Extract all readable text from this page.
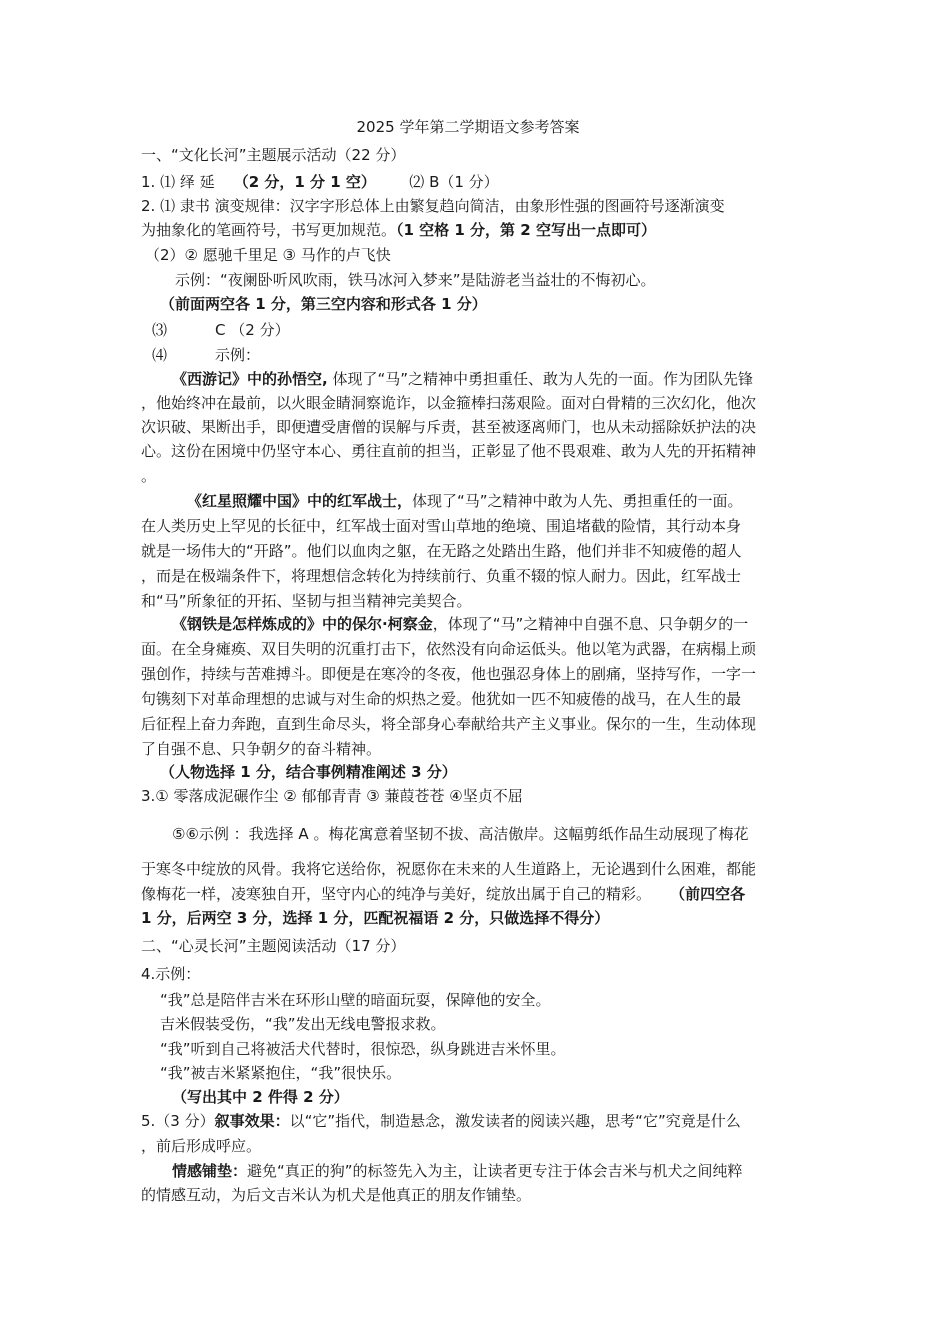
2025 学年第二学期语文参考答案
一、“文化长河”主题展示活动（22 分）
1. ⑴ 绎 延 （2 分，1 分 1 空） ⑵ B（1 分）
2. ⑴ 隶书 演变规律：汉字字形总体上由繁复趋向简洁，由象形性强的图画符号逐渐演变
为抽象化的笔画符号，书写更加规范。（1 空格 1 分，第 2 空写出一点即可）
（2）② 愿驰千里足 ③ 马作的卢飞快
示例：“夜阑卧听风吹雨，铁马冰河入梦来”是陆游老当益壮的不悔初心。
（前面两空各 1 分，第三空内容和形式各 1 分）
⑶	C （2 分）
⑷	示例：
《西游记》中的孙悟空, 体现了“马”之精神中勇担重任、敢为人先的一面。作为团队先锋
，他始终冲在最前，以火眼金睛洞察诡诈，以金箍棒扫荡艰险。面对白骨精的三次幻化，他次
次识破、果断出手，即便遭受唐僧的误解与斥责，甚至被逐离师门，也从未动摇除妖护法的决
心。这份在困境中仍坚守本心、勇往直前的担当，正彰显了他不畏艰难、敢为人先的开拓精神
。
《红星照耀中国》中的红军战士，体现了“马”之精神中敢为人先、勇担重任的一面。
在人类历史上罕见的长征中，红军战士面对雪山草地的绝境、围追堵截的险情，其行动本身
就是一场伟大的“开路”。他们以血肉之躯，在无路之处踏出生路，他们并非不知疲倦的超人
，而是在极端条件下，将理想信念转化为持续前行、负重不辍的惊人耐力。因此，红军战士
和“马”所象征的开拓、坚韧与担当精神完美契合。
《钢铁是怎样炼成的》中的保尔·柯察金，体现了“马”之精神中自强不息、只争朝夕的一
面。在全身瘫痪、双目失明的沉重打击下，依然没有向命运低头。他以笔为武器，在病榻上顽
强创作，持续与苦难搏斗。即便是在寒冷的冬夜，他也强忍身体上的剧痛，坚持写作，一字一
句镌刻下对革命理想的忠诚与对生命的炽热之爱。他犹如一匹不知疲倦的战马，在人生的最
后征程上奋力奔跑，直到生命尽头，将全部身心奉献给共产主义事业。保尔的一生，生动体现
了自强不息、只争朝夕的奋斗精神。
（人物选择 1 分，结合事例精准阐述 3 分）
3.① 零落成泥碾作尘 ② 郁郁青青 ③ 蒹葭苍苍 ④坚贞不屈
⑤⑥示例 ：我选择 A 。梅花寓意着坚韧不拔、高洁傲岸。这幅剪纸作品生动展现了梅花
于寒冬中绽放的风骨。我将它送给你，祝愿你在未来的人生道路上，无论遇到什么困难，都能
像梅花一样，凌寒独自开，坚守内心的纯净与美好，绽放出属于自己的精彩。 （前四空各
1 分，后两空 3 分，选择 1 分，匹配祝福语 2 分，只做选择不得分）
二、“心灵长河”主题阅读活动（17 分）
4.示例：
“我”总是陪伴吉米在环形山壁的暗面玩耍，保障他的安全。
吉米假装受伤，“我”发出无线电警报求救。
“我”听到自己将被活犬代替时，很惊恐，纵身跳进吉米怀里。
“我”被吉米紧紧抱住，“我”很快乐。
（写出其中 2 件得 2 分）
5.（3 分）叙事效果：以“它”指代，制造悬念，激发读者的阅读兴趣，思考“它”究竟是什么
，前后形成呼应。
情感铺垫：避免“真正的狗”的标签先入为主，让读者更专注于体会吉米与机犬之间纯粹
的情感互动，为后文吉米认为机犬是他真正的朋友作铺垫。
